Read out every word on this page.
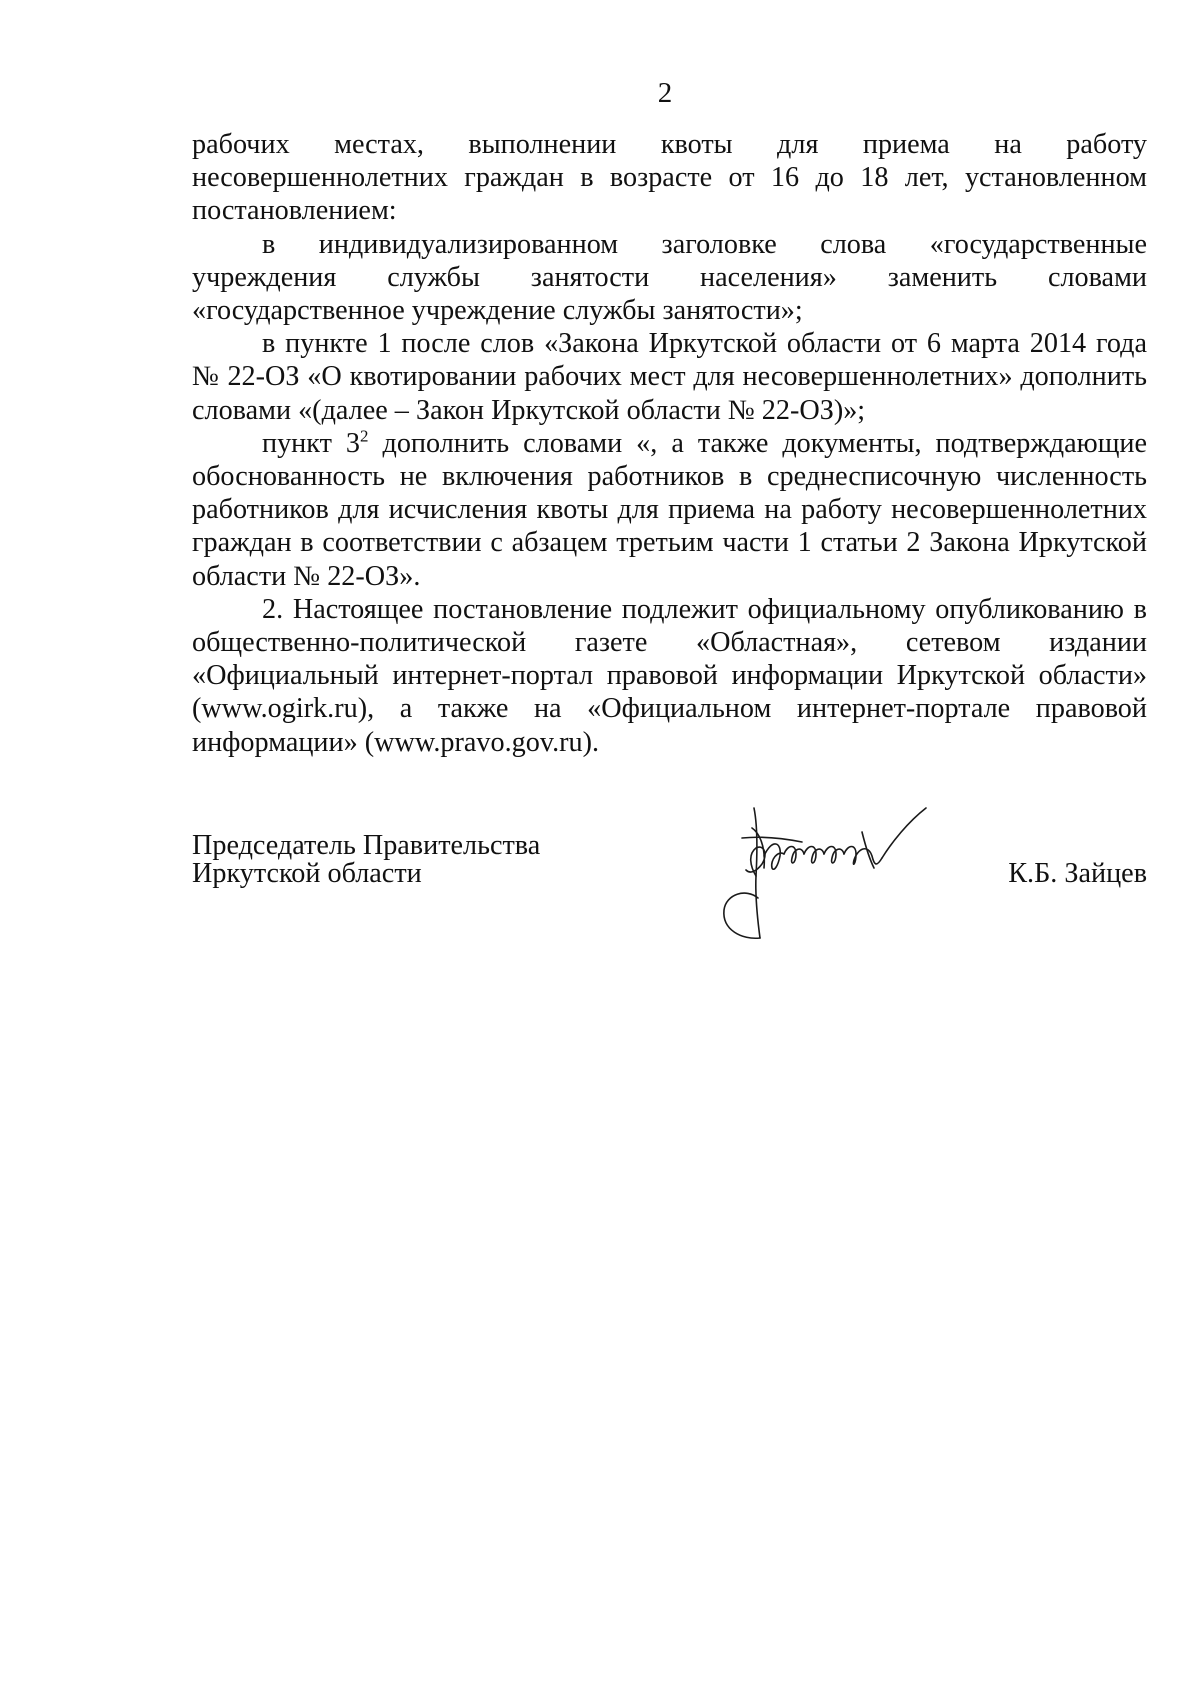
2

рабочих местах, выполнении квоты для приема на работу несовершеннолетних граждан в возрасте от 16 до 18 лет, установленном постановлением:

в индивидуализированном заголовке слова «государственные учреждения службы занятости населения» заменить словами «государственное учреждение службы занятости»;

в пункте 1 после слов «Закона Иркутской области от 6 марта 2014 года № 22-ОЗ «О квотировании рабочих мест для несовершеннолетних» дополнить словами «(далее – Закон Иркутской области № 22-ОЗ)»;

пункт $3^2$ дополнить словами «, а также документы, подтверждающие обоснованность не включения работников в среднесписочную численность работников для исчисления квоты для приема на работу несовершеннолетних граждан в соответствии с абзацем третьим части 1 статьи 2 Закона Иркутской области № 22-ОЗ».

2. Настоящее постановление подлежит официальному опубликованию в общественно-политической газете «Областная», сетевом издании «Официальный интернет-портал правовой информации Иркутской области» (www.ogirk.ru), а также на «Официальном интернет-портале правовой информации» (www.pravo.gov.ru).

Председатель Правительства
Иркутской области	К.Б. Зайцев
